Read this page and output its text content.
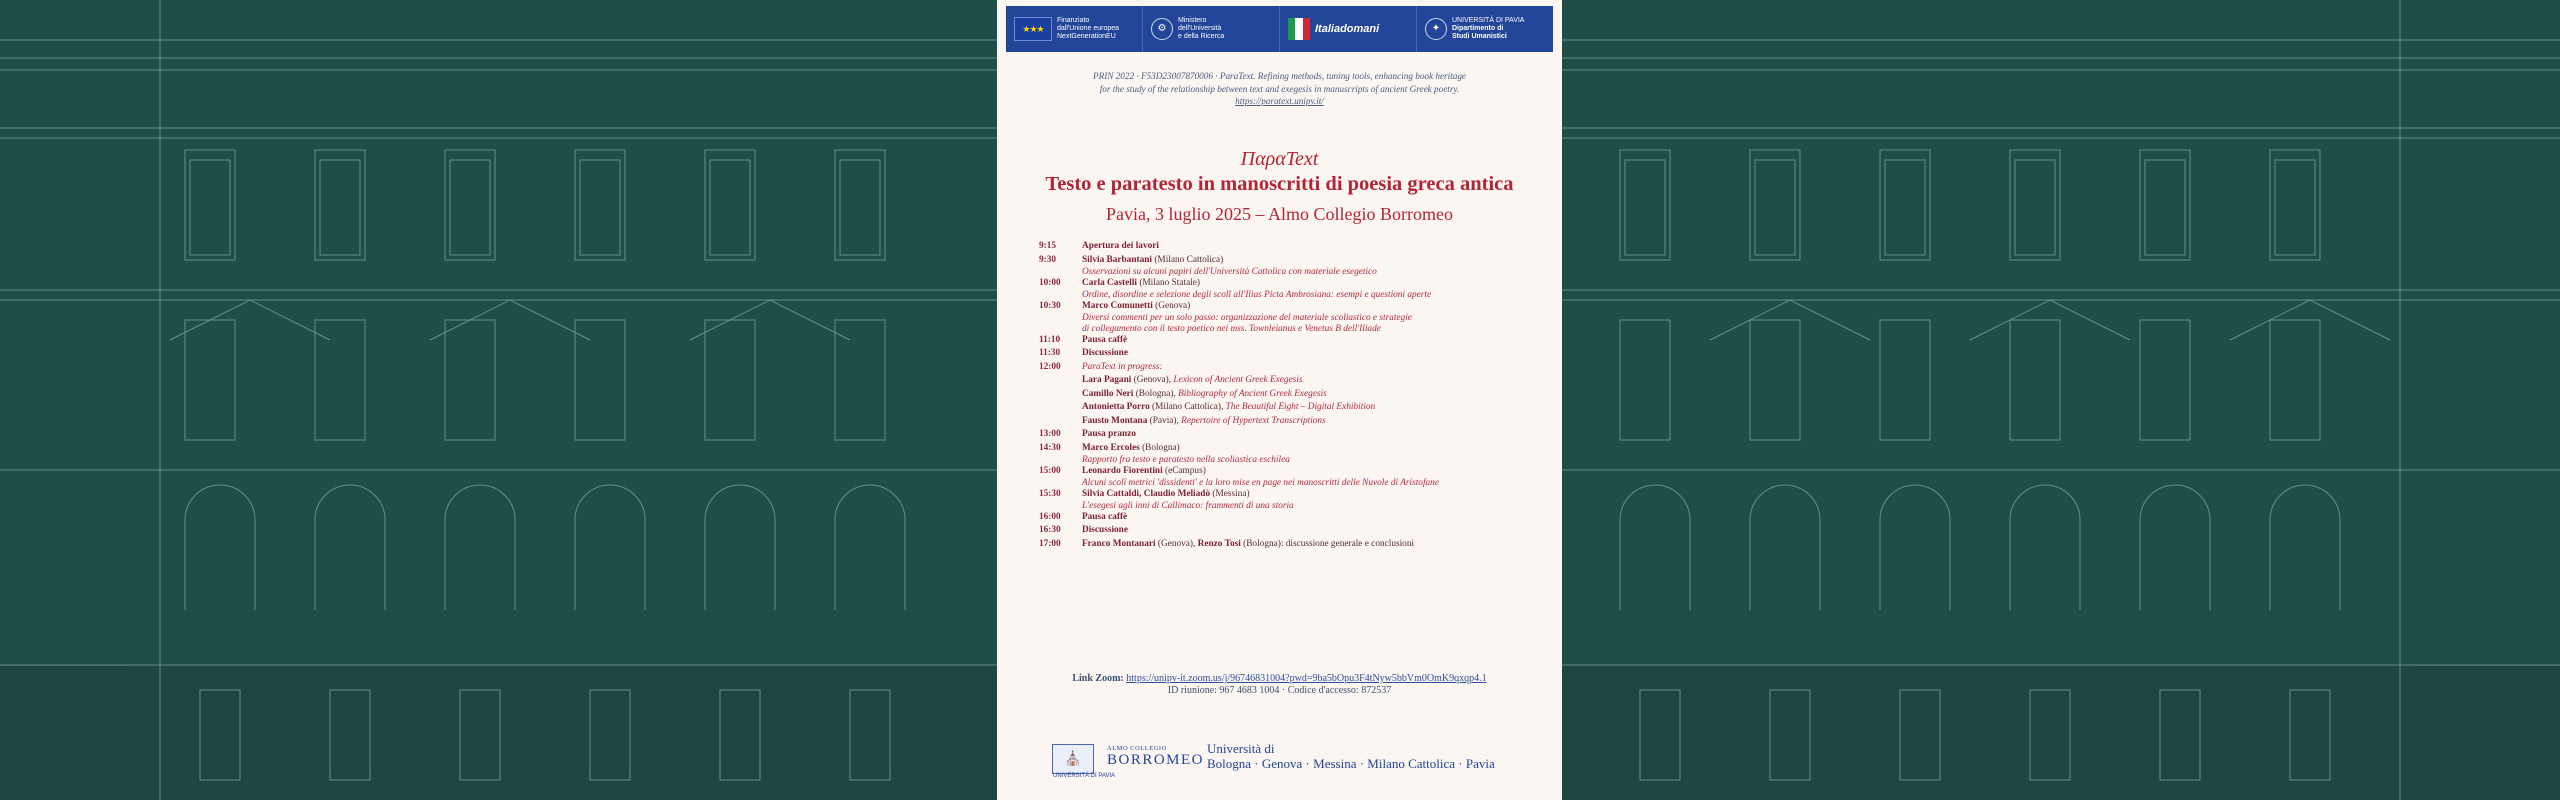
★★★
Finanziato
dall'Unione europea
NextGenerationEU
⚙
Ministero
dell'Università
e della Ricerca
Italiadomani	✦
UNIVERSITÀ DI PAVIA
Dipartimento di
Studi Umanistici
PRIN 2022 · F53D23007870006 · ParaText. Refining methods, tuning tools, enhancing book heritage
for the study of the relationship between text and exegesis in manuscripts of ancient Greek poetry.
https://paratext.unipv.it/
ΠαραText
Testo e paratesto in manoscritti di poesia greca antica
Pavia, 3 luglio 2025 – Almo Collegio Borromeo
9:15	Apertura dei lavori
9:30	Silvia Barbantani (Milano Cattolica)
Osservazioni su alcuni papiri dell'Università Cattolica con materiale esegetico
10:00	Carla Castelli (Milano Statale)
Ordine, disordine e selezione degli scolî all'Ilias Picta Ambrosiana: esempi e questioni aperte
10:30	Marco Comunetti (Genova)
Diversi commenti per un solo passo: organizzazione del materiale scoliastico e strategie
di collegamento con il testo poetico nei mss. Townleianus e Venetus B dell'Iliade
11:10	Pausa caffè
11:30	Discussione
12:00	ParaText in progress:
Lara Pagani (Genova), Lexicon of Ancient Greek Exegesis
Camillo Neri (Bologna), Bibliography of Ancient Greek Exegesis
Antonietta Porro (Milano Cattolica), The Beautiful Eight – Digital Exhibition
Fausto Montana (Pavia), Repertoire of Hypertext Transcriptions
13:00	Pausa pranzo
14:30	Marco Ercoles (Bologna)
Rapporto fra testo e paratesto nella scoliastica eschilea
15:00	Leonardo Fiorentini (eCampus)
Alcuni scolî metrici 'dissidenti' e la loro mise en page nei manoscritti delle Nuvole di Aristofane
15:30	Silvia Cattaldi, Claudio Meliadò (Messina)
L'esegesi agli inni di Callimaco: frammenti di una storia
16:00	Pausa caffè
16:30	Discussione
17:00	Franco Montanari (Genova), Renzo Tosi (Bologna): discussione generale e conclusioni
Link Zoom: https://unipv-it.zoom.us/j/96746831004?pwd=9ba5bOpu3F4tNyw5bbVm0OmK9qxqp4.1
ID riunione: 967 4683 1004 · Codice d'accesso: 872537
⛪
UNIVERSITÀ DI PAVIA
ALMO COLLEGIO
BORROMEO
Università di
Bologna · Genova · Messina · Milano Cattolica · Pavia
